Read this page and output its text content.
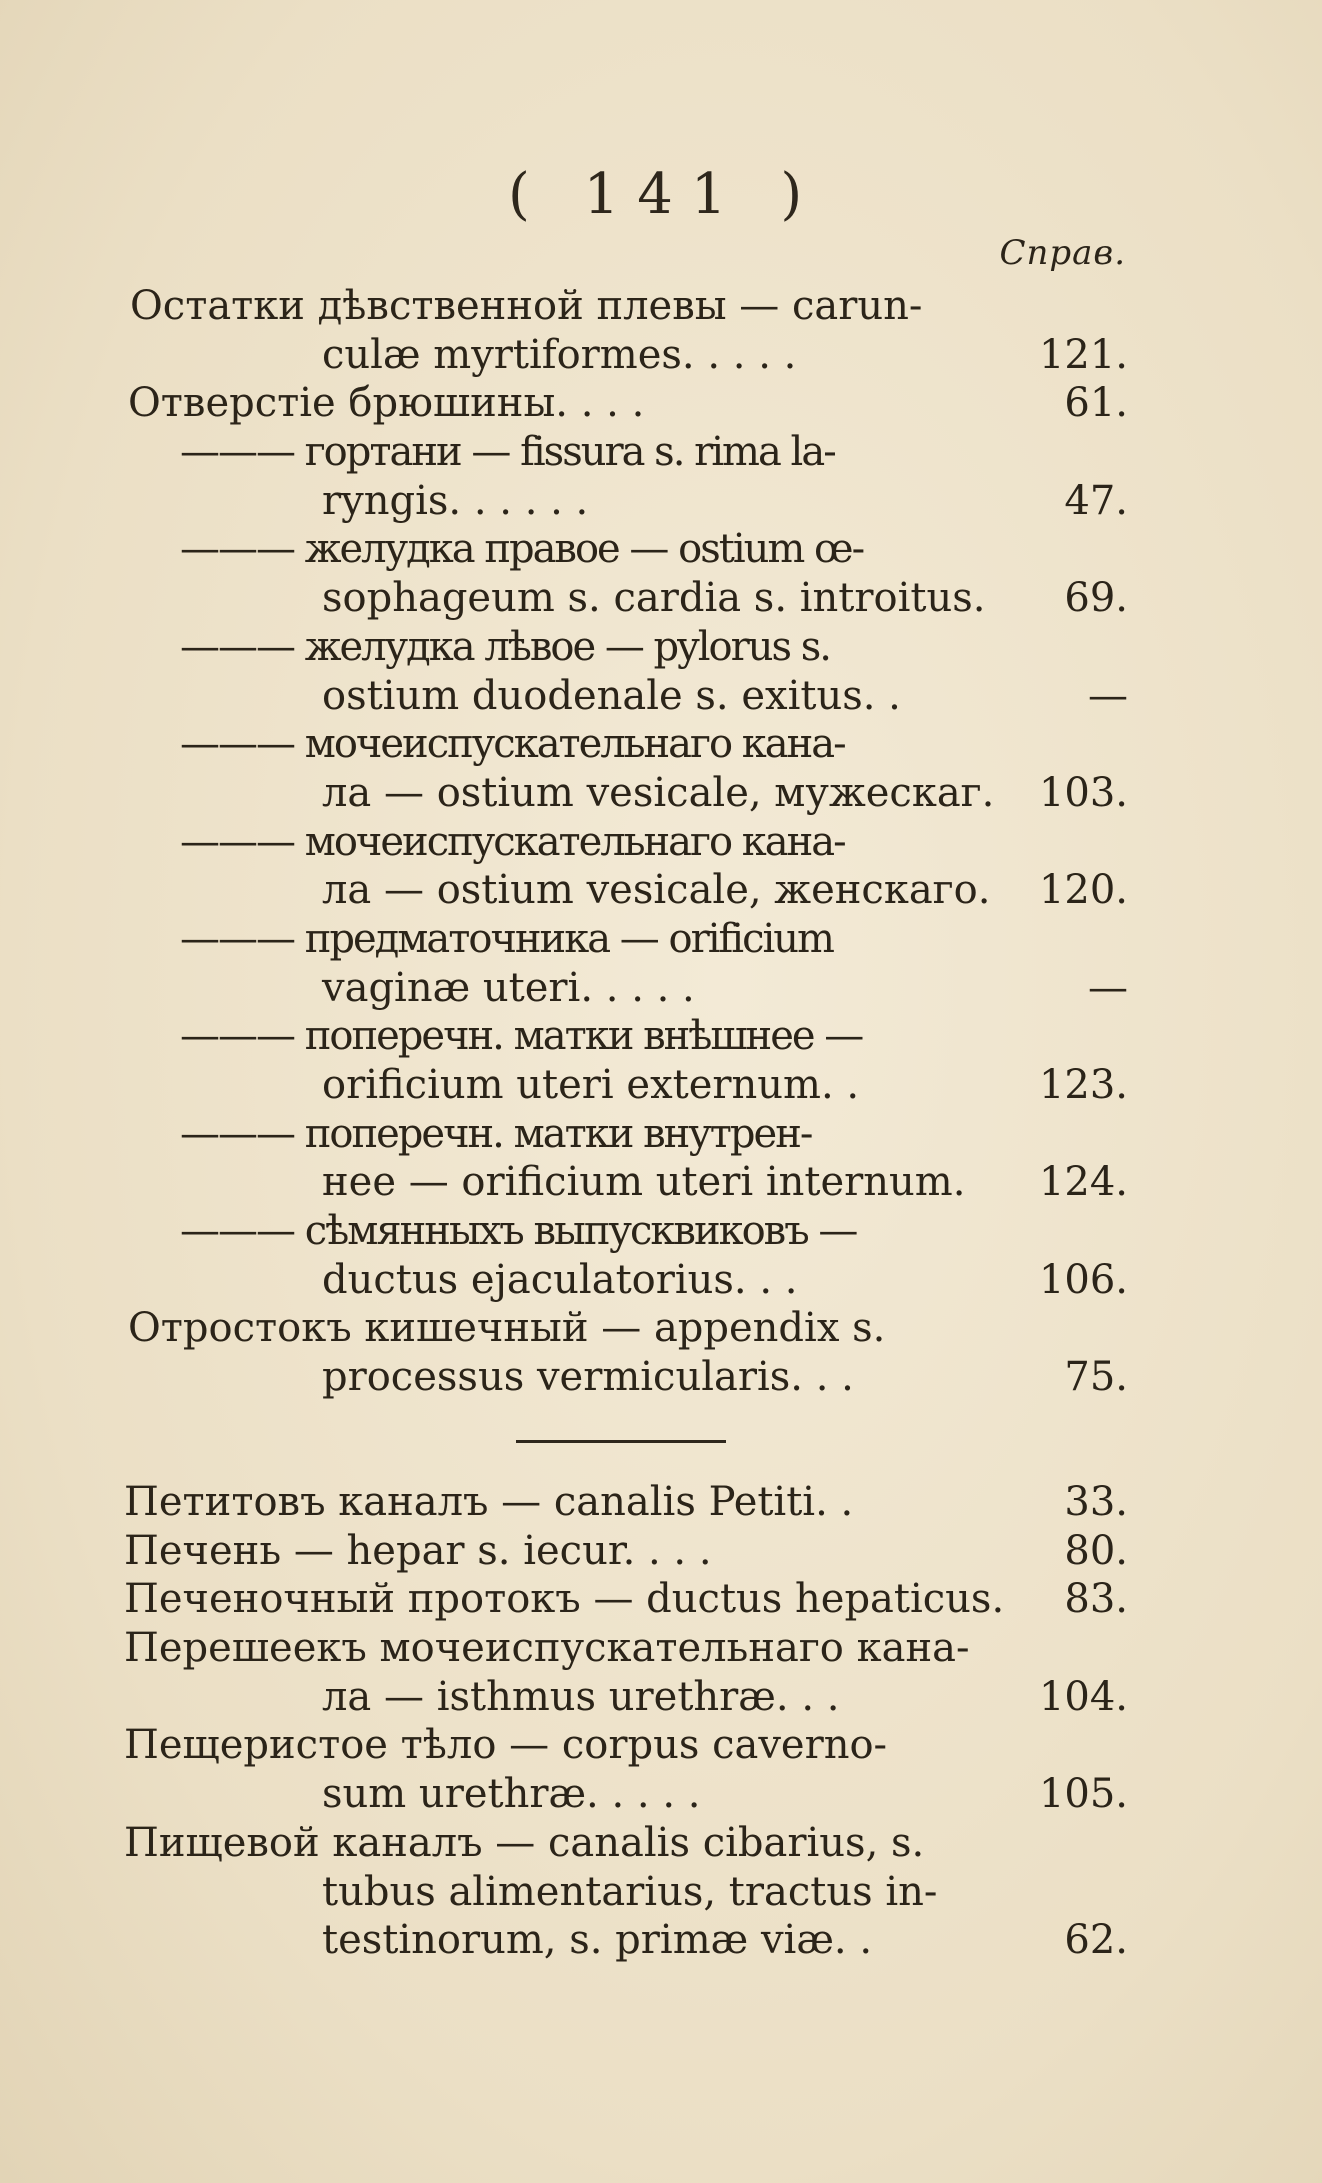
( 141 )
Справ.
Остатки дѣвственной плевы — carun-
culæ myrtiformes. . . . .	121.
Отверстіе брюшины. . . .	61.
——— гортани — fissura s. rima la-
ryngis. . . . . .	47.
——— желудка правое — ostium œ-
sophageum s. cardia s. introitus. 69.
——— желудка лѣвое — pylorus s.
ostium duodenale s. exitus. .	—
——— мочеиспускательнаго кана-
ла — ostium vesicale, мужескаг. 103.
——— мочеиспускательнаго кана-
ла — ostium vesicale, женскаго. 120.
——— предматочника — orificium
vaginæ uteri. . . . .	—
——— поперечн. матки внѣшнее —
orificium uteri externum. .	123.
——— поперечн. матки внутрен-
нее — orificium uteri internum. 124.
——— сѣмянныхъ выпусквиковъ —
ductus ejaculatorius. . .	106.
Отростокъ кишечный — appendix s.
processus vermicularis. . .	75.
Петитовъ каналъ — canalis Petiti. .	33.
Печень — hepar s. iecur. . . .	80.
Печеночный протокъ — ductus hepaticus. 83.
Перешеекъ мочеиспускательнаго кана-
ла — isthmus urethræ. . .	104.
Пещеристое тѣло — corpus caverno-
sum urethræ. . . . .	105.
Пищевой каналъ — canalis cibarius, s.
tubus alimentarius, tractus in-
testinorum, s. primæ viæ. .	62.
